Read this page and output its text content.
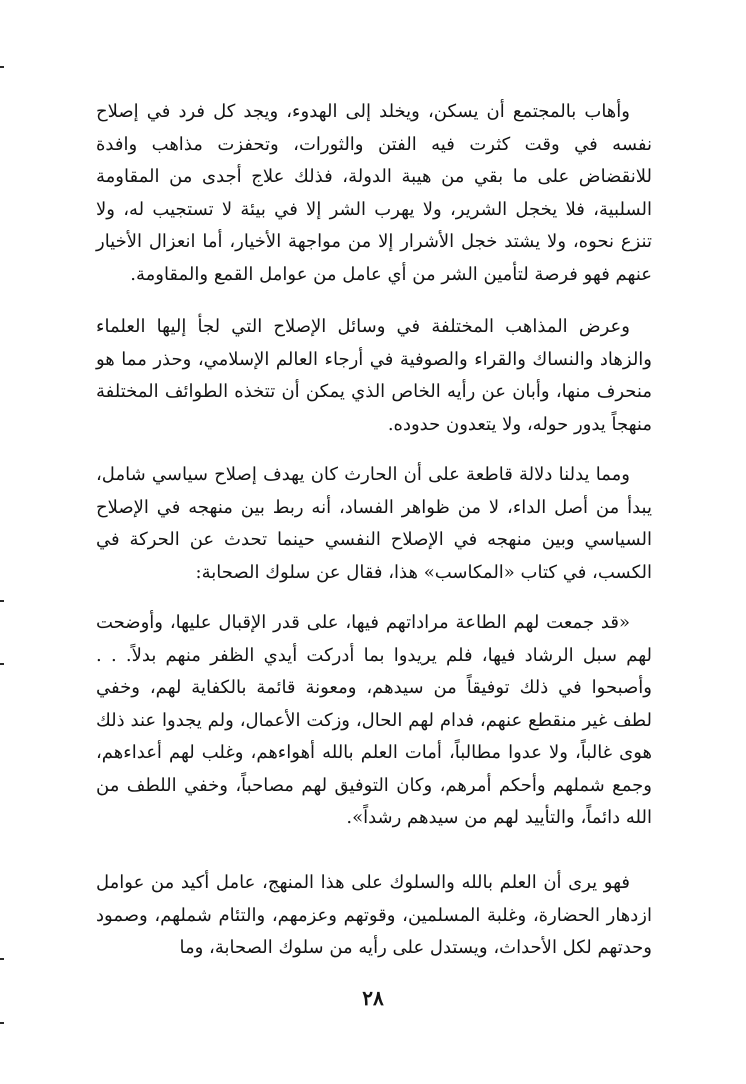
وأهاب بالمجتمع أن يسكن، ويخلد إلى الهدوء، ويجد كل فرد في إصلاح نفسه في وقت كثرت فيه الفتن والثورات، وتحفزت مذاهب وافدة للانقضاض على ما بقي من هيبة الدولة، فذلك علاج أجدى من المقاومة السلبية، فلا يخجل الشرير، ولا يهرب الشر إلا في بيئة لا تستجيب له، ولا تنزع نحوه، ولا يشتد خجل الأشرار إلا من مواجهة الأخيار، أما انعزال الأخيار عنهم فهو فرصة لتأمين الشر من أي عامل من عوامل القمع والمقاومة.

وعرض المذاهب المختلفة في وسائل الإصلاح التي لجأ إليها العلماء والزهاد والنساك والقراء والصوفية في أرجاء العالم الإسلامي، وحذر مما هو منحرف منها، وأبان عن رأيه الخاص الذي يمكن أن تتخذه الطوائف المختلفة منهجاً يدور حوله، ولا يتعدون حدوده.

ومما يدلنا دلالة قاطعة على أن الحارث كان يهدف إصلاح سياسي شامل، يبدأ من أصل الداء، لا من ظواهر الفساد، أنه ربط بين منهجه في الإصلاح السياسي وبين منهجه في الإصلاح النفسي حينما تحدث عن الحركة في الكسب، في كتاب «المكاسب» هذا، فقال عن سلوك الصحابة:

«قد جمعت لهم الطاعة مراداتهم فيها، على قدر الإقبال عليها، وأوضحت لهم سبل الرشاد فيها، فلم يريدوا بما أدركت أيدي الظفر منهم بدلاً. . . وأصبحوا في ذلك توفيقاً من سيدهم، ومعونة قائمة بالكفاية لهم، وخفي لطف غير منقطع عنهم، فدام لهم الحال، وزكت الأعمال، ولم يجدوا عند ذلك هوى غالباً، ولا عدوا مطالباً، أمات العلم بالله أهواءهم، وغلب لهم أعداءهم، وجمع شملهم وأحكم أمرهم، وكان التوفيق لهم مصاحباً، وخفي اللطف من الله دائماً، والتأييد لهم من سيدهم رشداً».

فهو يرى أن العلم بالله والسلوك على هذا المنهج، عامل أكيد من عوامل ازدهار الحضارة، وغلبة المسلمين، وقوتهم وعزمهم، والتئام شملهم، وصمود وحدتهم لكل الأحداث، ويستدل على رأيه من سلوك الصحابة، وما

٢٨
